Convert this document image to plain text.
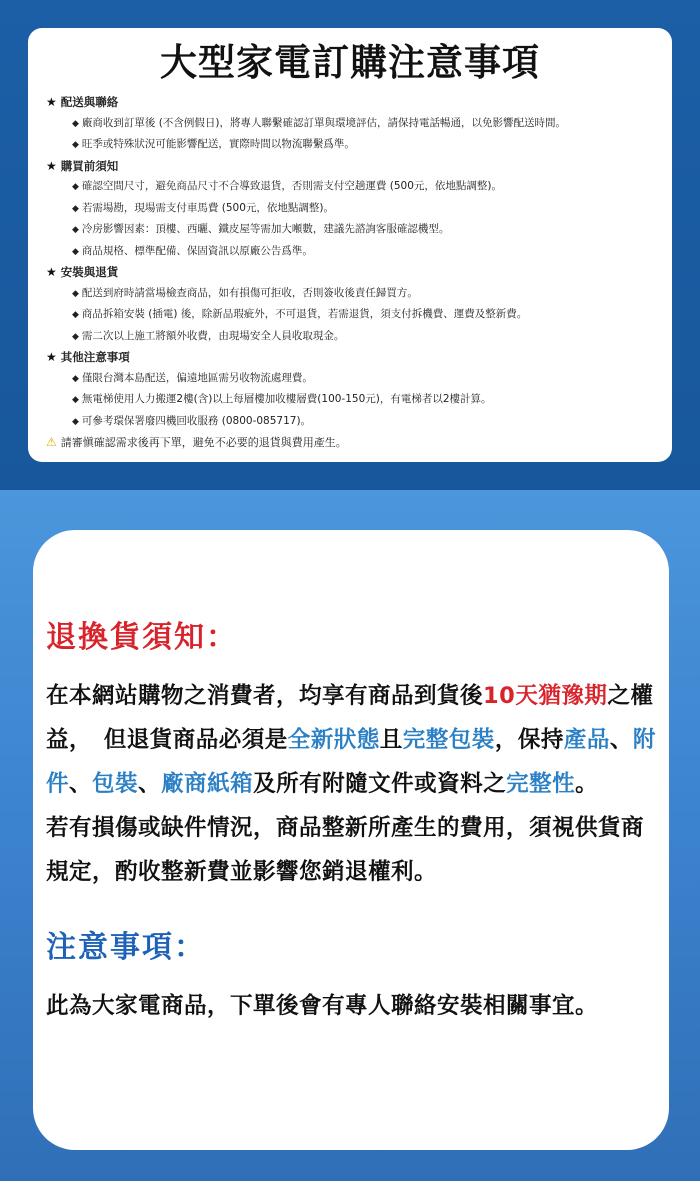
大型家電訂購注意事項
★ 配送與聯絡
◆ 廠商收到訂單後 (不含例假日)，將專人聯繫確認訂單與環境評估，請保持電話暢通，以免影響配送時間。
◆ 旺季或特殊狀況可能影響配送，實際時間以物流聯繫爲準。
★ 購買前須知
◆ 確認空間尺寸，避免商品尺寸不合導致退貨，否則需支付空趟運費 (500元，依地點調整)。
◆ 若需場勘，現場需支付車馬費 (500元，依地點調整)。
◆ 冷房影響因素：頂樓、西曬、鐵皮屋等需加大噸數，建議先諮詢客服確認機型。
◆ 商品規格、標準配備、保固資訊以原廠公告爲準。
★ 安裝與退貨
◆ 配送到府時請當場檢查商品，如有損傷可拒收，否則簽收後責任歸買方。
◆ 商品拆箱安裝 (插電) 後，除新品瑕疵外，不可退貨，若需退貨，須支付拆機費、運費及整新費。
◆ 需二次以上施工將額外收費，由現場安全人員收取現金。
★ 其他注意事項
◆ 僅限台灣本島配送，偏遠地區需另收物流處理費。
◆ 無電梯使用人力搬運2樓(含)以上每層樓加收樓層費(100-150元)，有電梯者以2樓計算。
◆ 可參考環保署廢四機回收服務 (0800-085717)。
⚠ 請審愼確認需求後再下單，避免不必要的退貨與費用產生。
退換貨須知：
在本網站購物之消費者，均享有商品到貨後10天猶豫期之權益，　但退貨商品必須是全新狀態且完整包裝，保持產品、附件、包裝、廠商紙箱及所有附隨文件或資料之完整性。
若有損傷或缺件情況，商品整新所產生的費用，須視供貨商規定，酌收整新費並影響您銷退權利。
注意事項：
此為大家電商品，下單後會有專人聯絡安裝相關事宜。
